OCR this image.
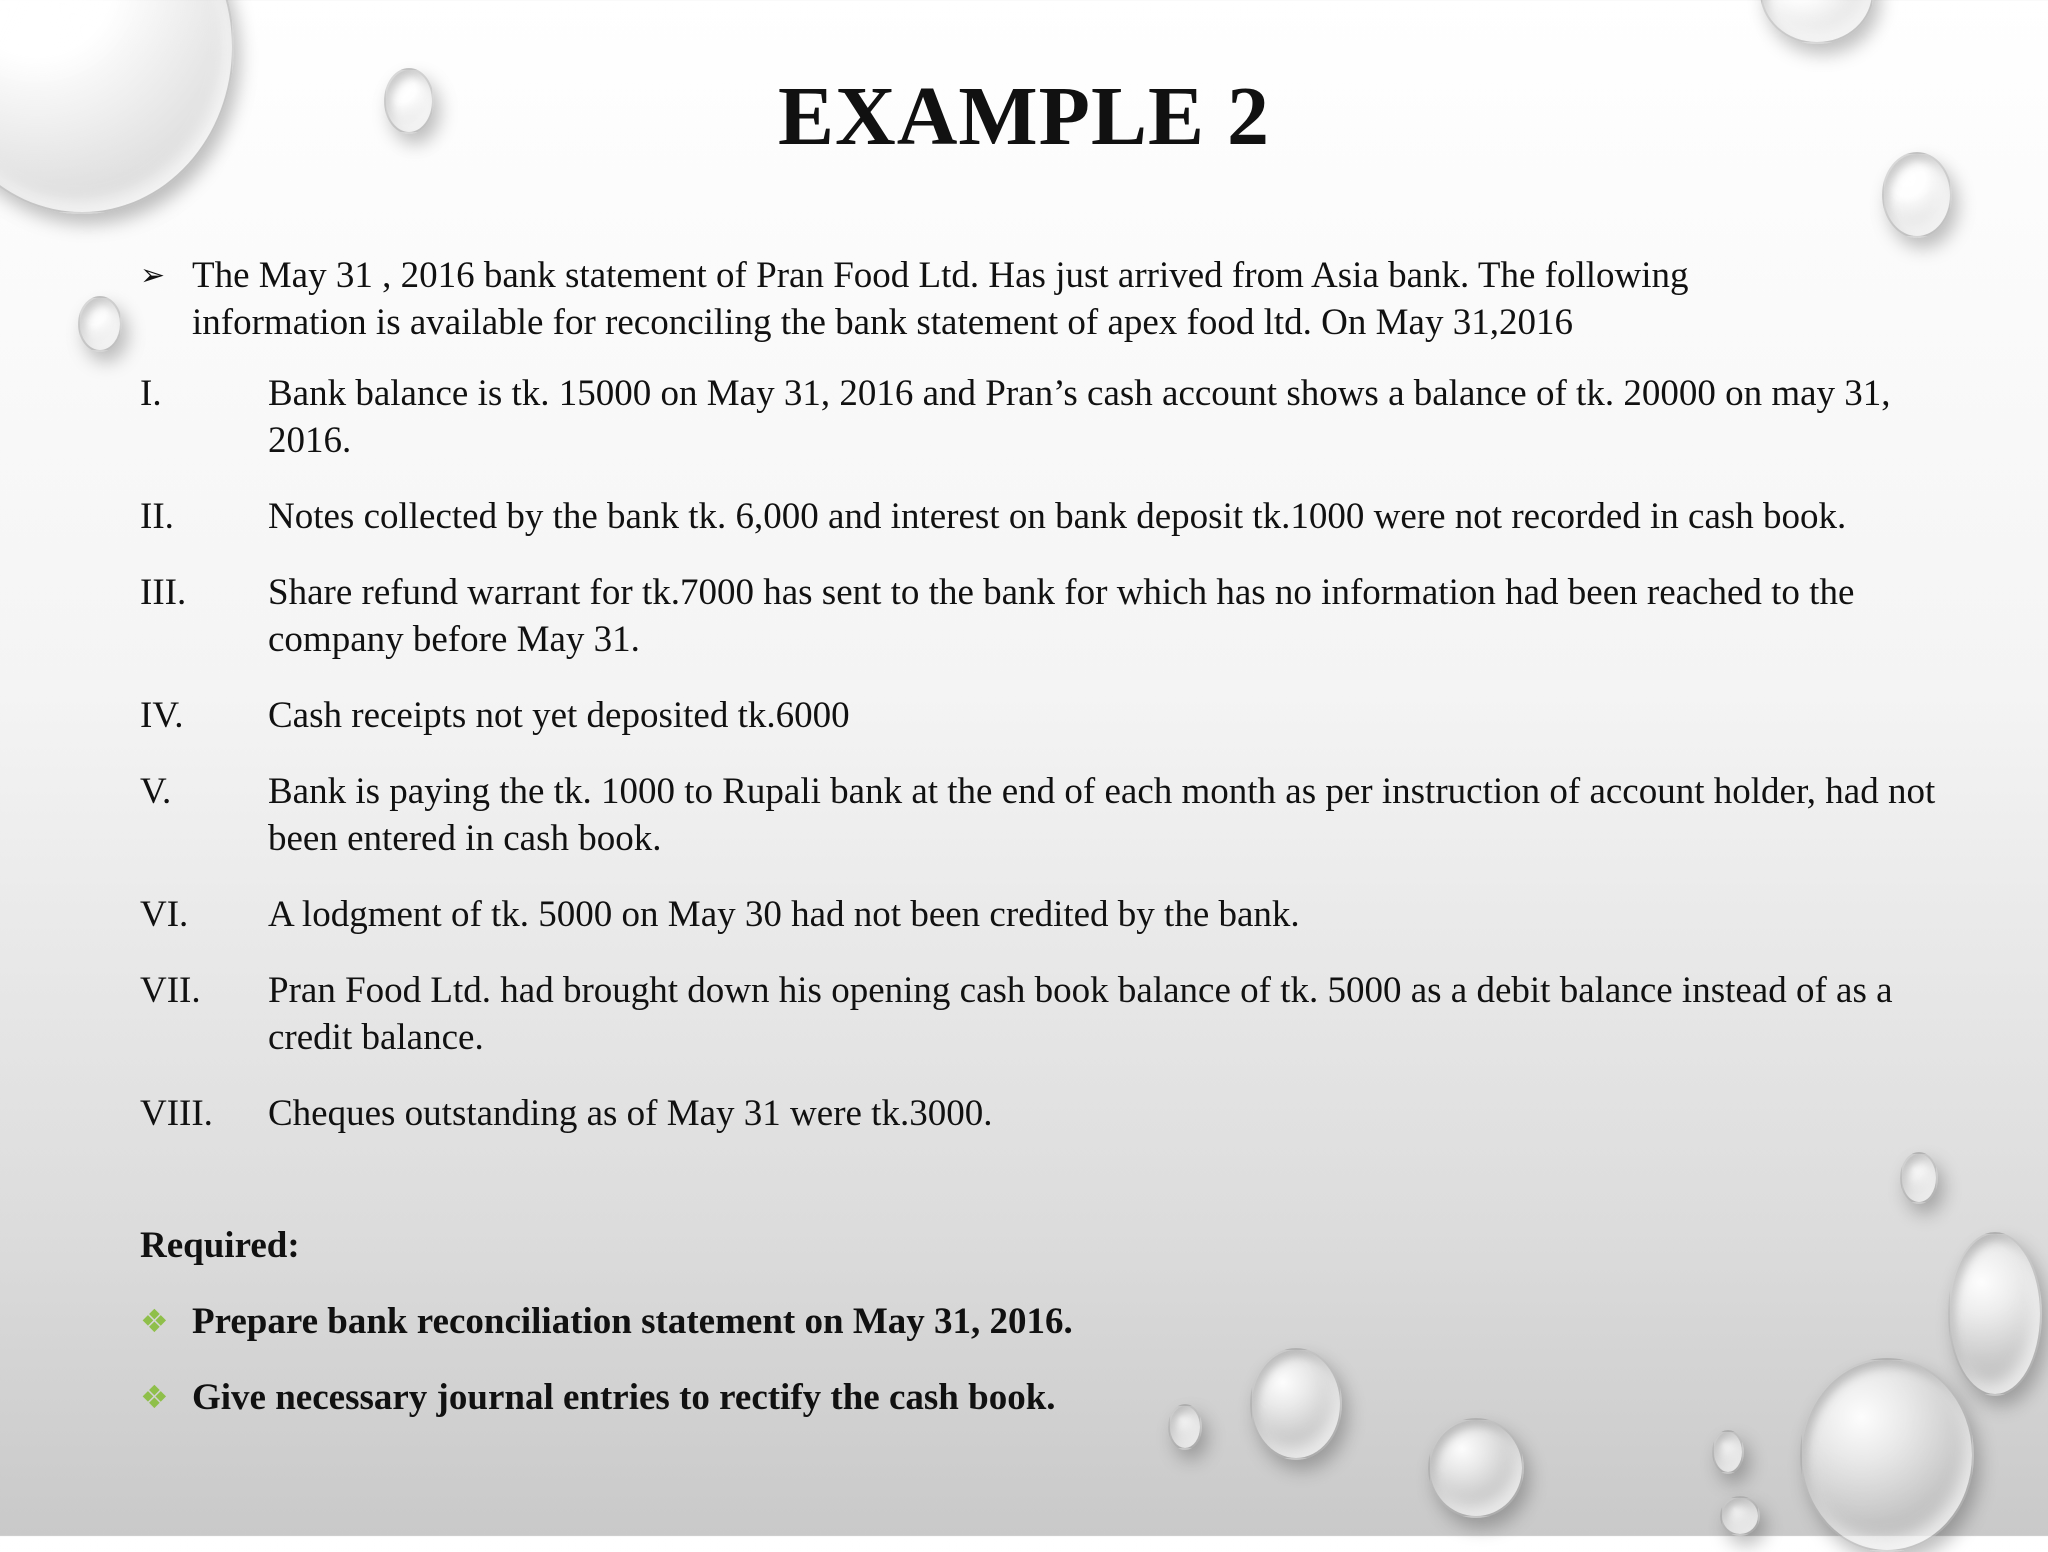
EXAMPLE 2
➢ The May 31 , 2016 bank statement of Pran Food Ltd. Has just arrived from Asia bank. The following information is available for reconciling the bank statement of apex food ltd. On May 31,2016
I.	Bank balance is tk. 15000 on May 31, 2016 and Pran’s cash account shows a balance of tk. 20000 on may 31, 2016.
II.	Notes collected by the bank tk. 6,000 and interest on bank deposit tk.1000 were not recorded in cash book.
III. Share refund warrant for tk.7000 has sent to the bank for which has no information had been reached to the company before May 31.
IV. Cash receipts not yet deposited tk.6000
V.	Bank is paying the tk. 1000 to Rupali bank at the end of each month as per instruction of account holder, had not been entered in cash book.
VI. A lodgment of tk. 5000 on May 30 had not been credited by the bank.
VII. Pran Food Ltd. had brought down his opening cash book balance of tk. 5000 as a debit balance instead of as a credit balance.
VIII. Cheques outstanding as of May 31 were tk.3000.
Required:
❖ Prepare bank reconciliation statement on May 31, 2016.
❖ Give necessary journal entries to rectify the cash book.
